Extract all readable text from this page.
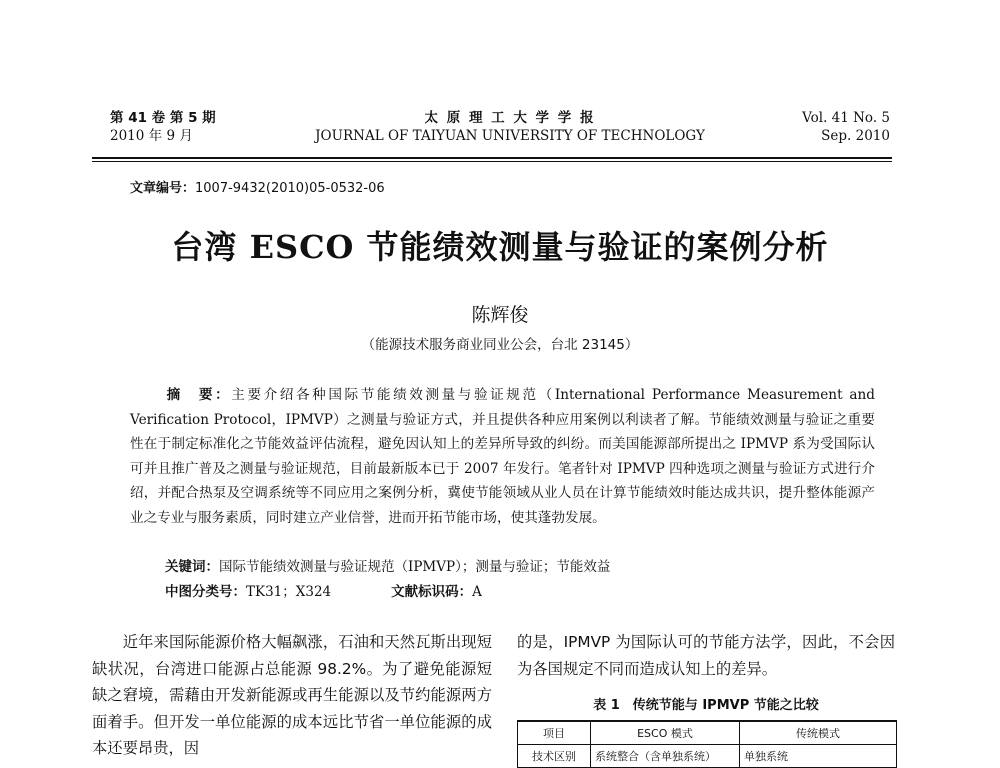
第 41 卷 第 5 期
2010 年 9 月
太 原 理 工 大 学 学 报
JOURNAL OF TAIYUAN UNIVERSITY OF TECHNOLOGY
Vol. 41 No. 5
Sep. 2010
文章编号：1007-9432(2010)05-0532-06
台湾 ESCO 节能绩效测量与验证的案例分析
陈辉俊
（能源技术服务商业同业公会，台北 23145）
摘　要：主要介绍各种国际节能绩效测量与验证规范（International Performance Measurement and Verification Protocol，IPMVP）之测量与验证方式，并且提供各种应用案例以利读者了解。节能绩效测量与验证之重要性在于制定标准化之节能效益评估流程，避免因认知上的差异所导致的纠纷。而美国能源部所提出之 IPMVP 系为受国际认可并且推广普及之测量与验证规范，目前最新版本已于 2007 年发行。笔者针对 IPMVP 四种选项之测量与验证方式进行介绍，并配合热泵及空调系统等不同应用之案例分析，冀使节能领域从业人员在计算节能绩效时能达成共识，提升整体能源产业之专业与服务素质，同时建立产业信誉，进而开拓节能市场，使其蓬勃发展。
关键词：国际节能绩效测量与验证规范（IPMVP）；测量与验证；节能效益
中图分类号：TK31；X324	文献标识码：A
　　近年来国际能源价格大幅飙涨，石油和天然瓦斯出现短缺状况，台湾进口能源占总能源 98.2%。为了避免能源短缺之窘境，需藉由开发新能源或再生能源以及节约能源两方面着手。但开发一单位能源的成本远比节省一单位能源的成本还要昂贵，因
的是，IPMVP 为国际认可的节能方法学，因此，不会因为各国规定不同而造成认知上的差异。
表 1　传统节能与 IPMVP 节能之比较
项目	ESCO 模式	传统模式
技术区别	系统整合（含单独系统）	单独系统
